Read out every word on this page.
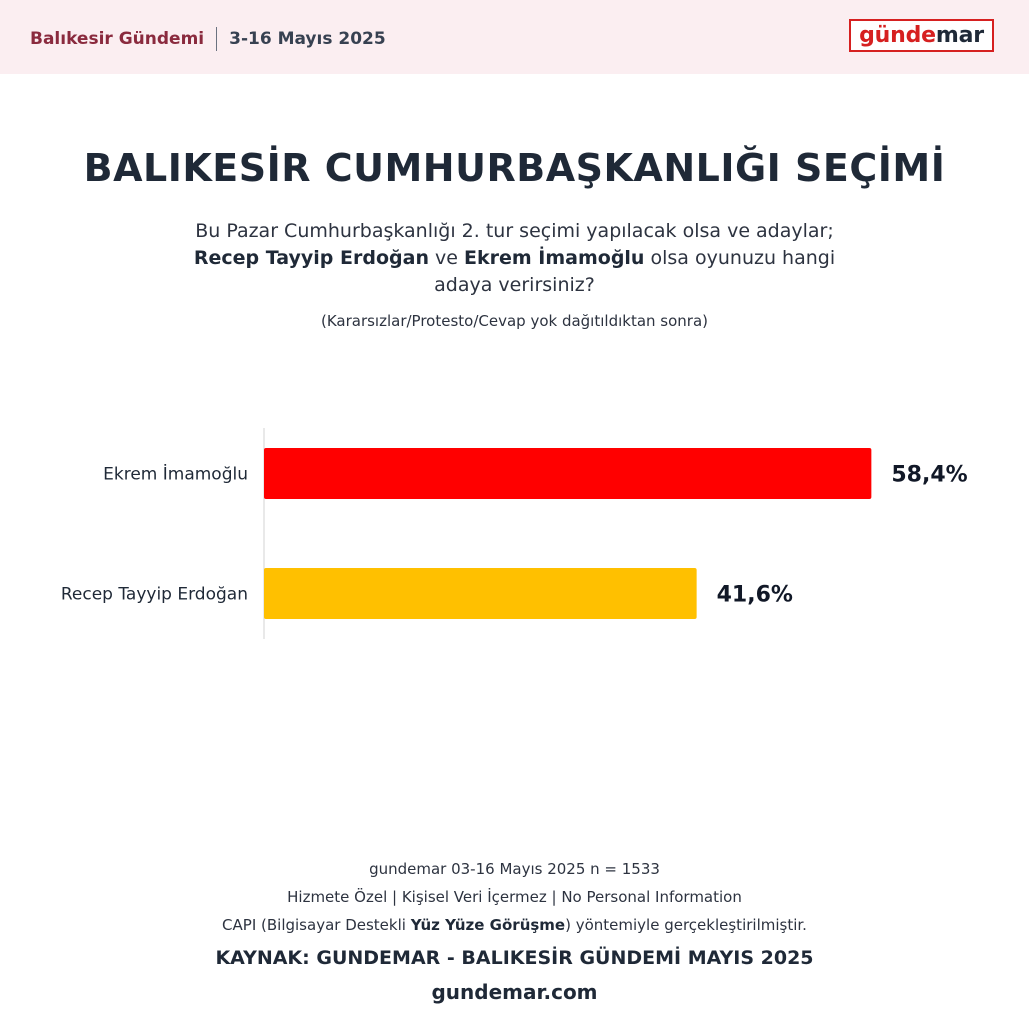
Balıkesir Gündemi 3-16 Mayıs 2025	günde mar
BALIKESİR CUMHURBAŞKANLIĞI SEÇİMİ
Bu Pazar Cumhurbaşkanlığı 2. tur seçimi yapılacak olsa ve adaylar;
Recep Tayyip Erdoğan ve Ekrem İmamoğlu olsa oyunuzu hangi
adaya verirsiniz?
(Kararsızlar/Protesto/Cevap yok dağıtıldıktan sonra)
Ekrem İmamoğlu	58,4%
Recep Tayyip Erdoğan	41,6%
gundemar 03-16 Mayıs 2025 n = 1533
Hizmete Özel | Kişisel Veri İçermez | No Personal Information
CAPI (Bilgisayar Destekli Yüz Yüze Görüşme) yöntemiyle gerçekleştirilmiştir.
KAYNAK: GUNDEMAR - BALIKESİR GÜNDEMİ MAYIS 2025
gundemar.com
